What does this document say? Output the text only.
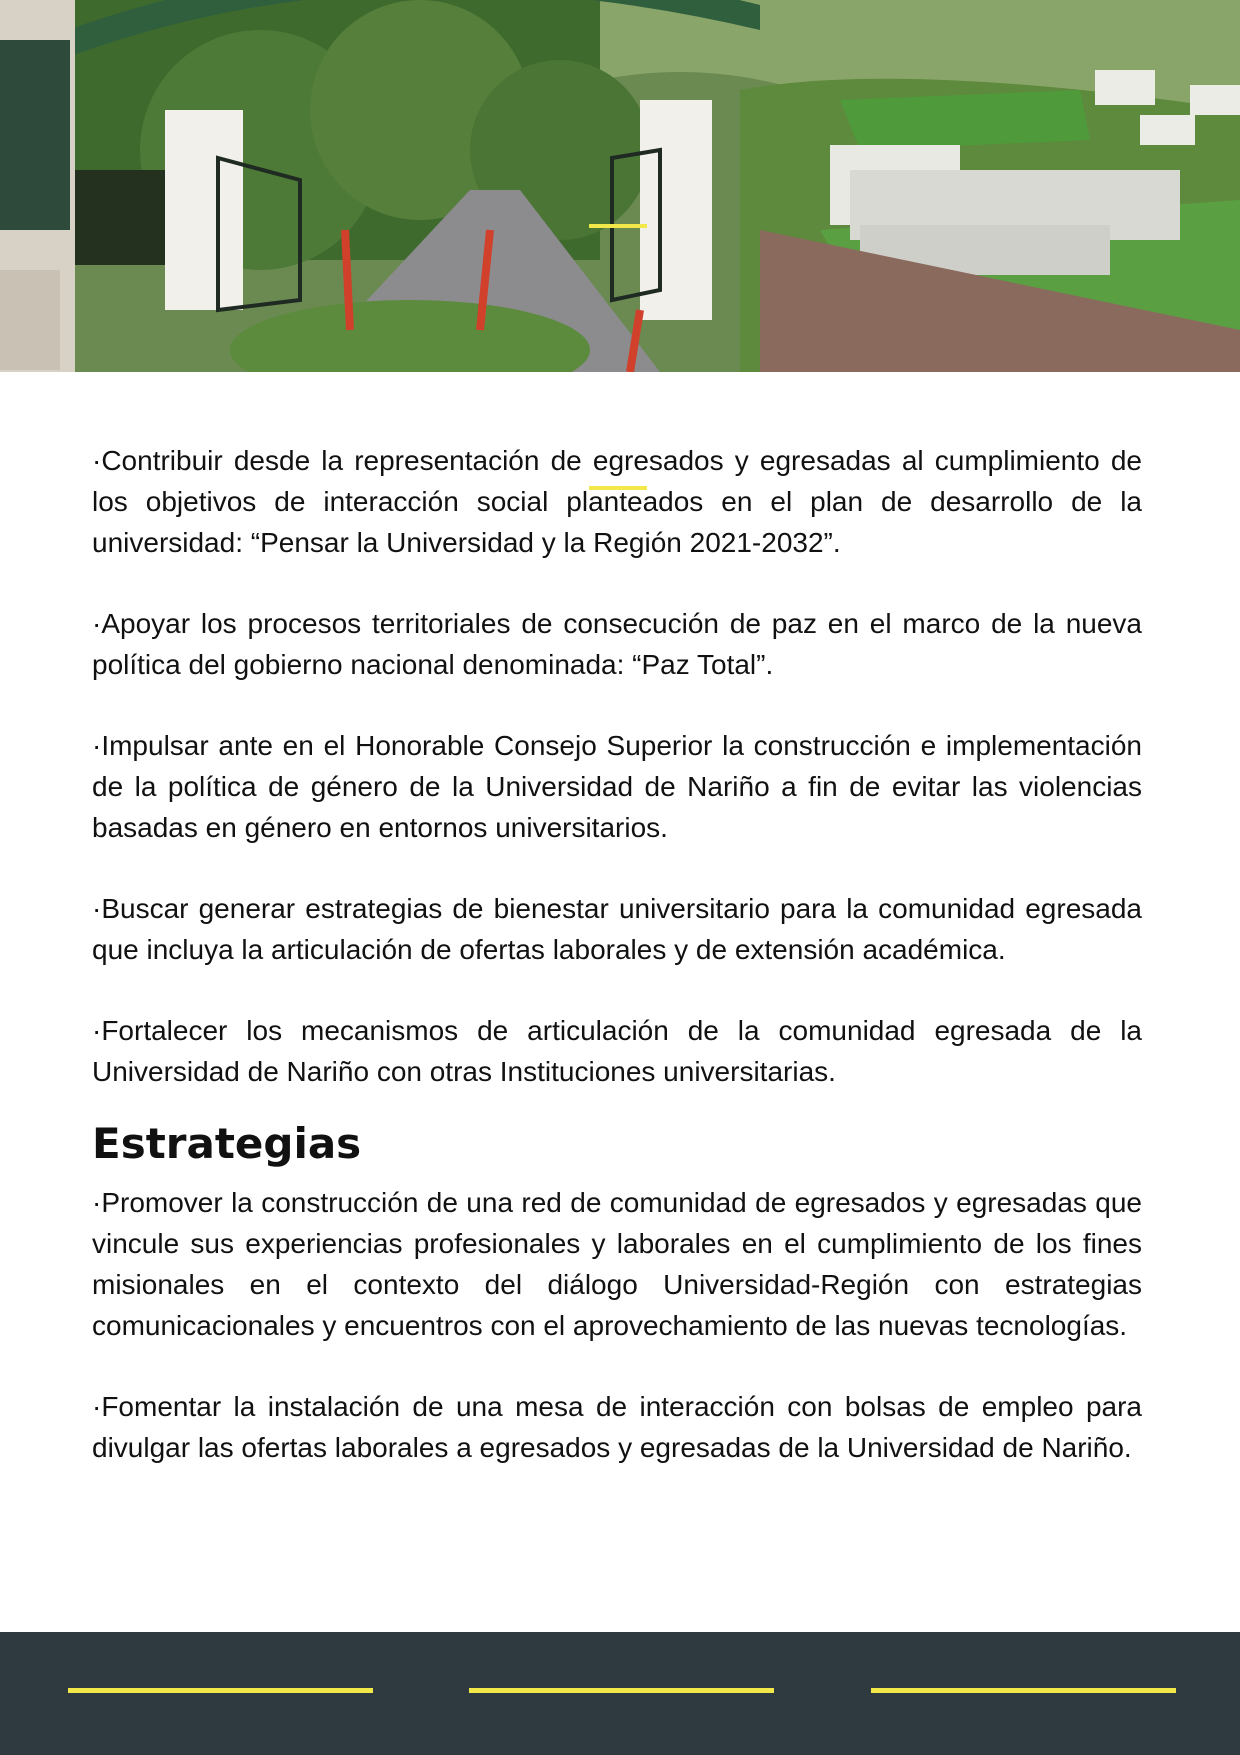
·Contribuir desde la representación de egresados y egresadas al cumplimiento de los objetivos de interacción social planteados en el plan de desarrollo de la universidad: “Pensar la Universidad y la Región 2021-2032”.

·Apoyar los procesos territoriales de consecución de paz en el marco de la nueva política del gobierno nacional denominada: “Paz Total”.

·Impulsar ante en el Honorable Consejo Superior la construcción e implementación de la política de género de la Universidad de Nariño a fin de evitar las violencias basadas en género en entornos universitarios.

·Buscar generar estrategias de bienestar universitario para la comunidad egresada que incluya la articulación de ofertas laborales y de extensión académica.

·Fortalecer los mecanismos de articulación de la comunidad egresada de la Universidad de Nariño con otras Instituciones universitarias.

Estrategias

·Promover la construcción de una red de comunidad de egresados y egresadas que vincule sus experiencias profesionales y laborales en el cumplimiento de los fines misionales en el contexto del diálogo Universidad-Región con estrategias comunicacionales y encuentros con el aprovechamiento de las nuevas tecnologías.

·Fomentar la instalación de una mesa de interacción con bolsas de empleo para divulgar las ofertas laborales a egresados y egresadas de la Universidad de Nariño.
